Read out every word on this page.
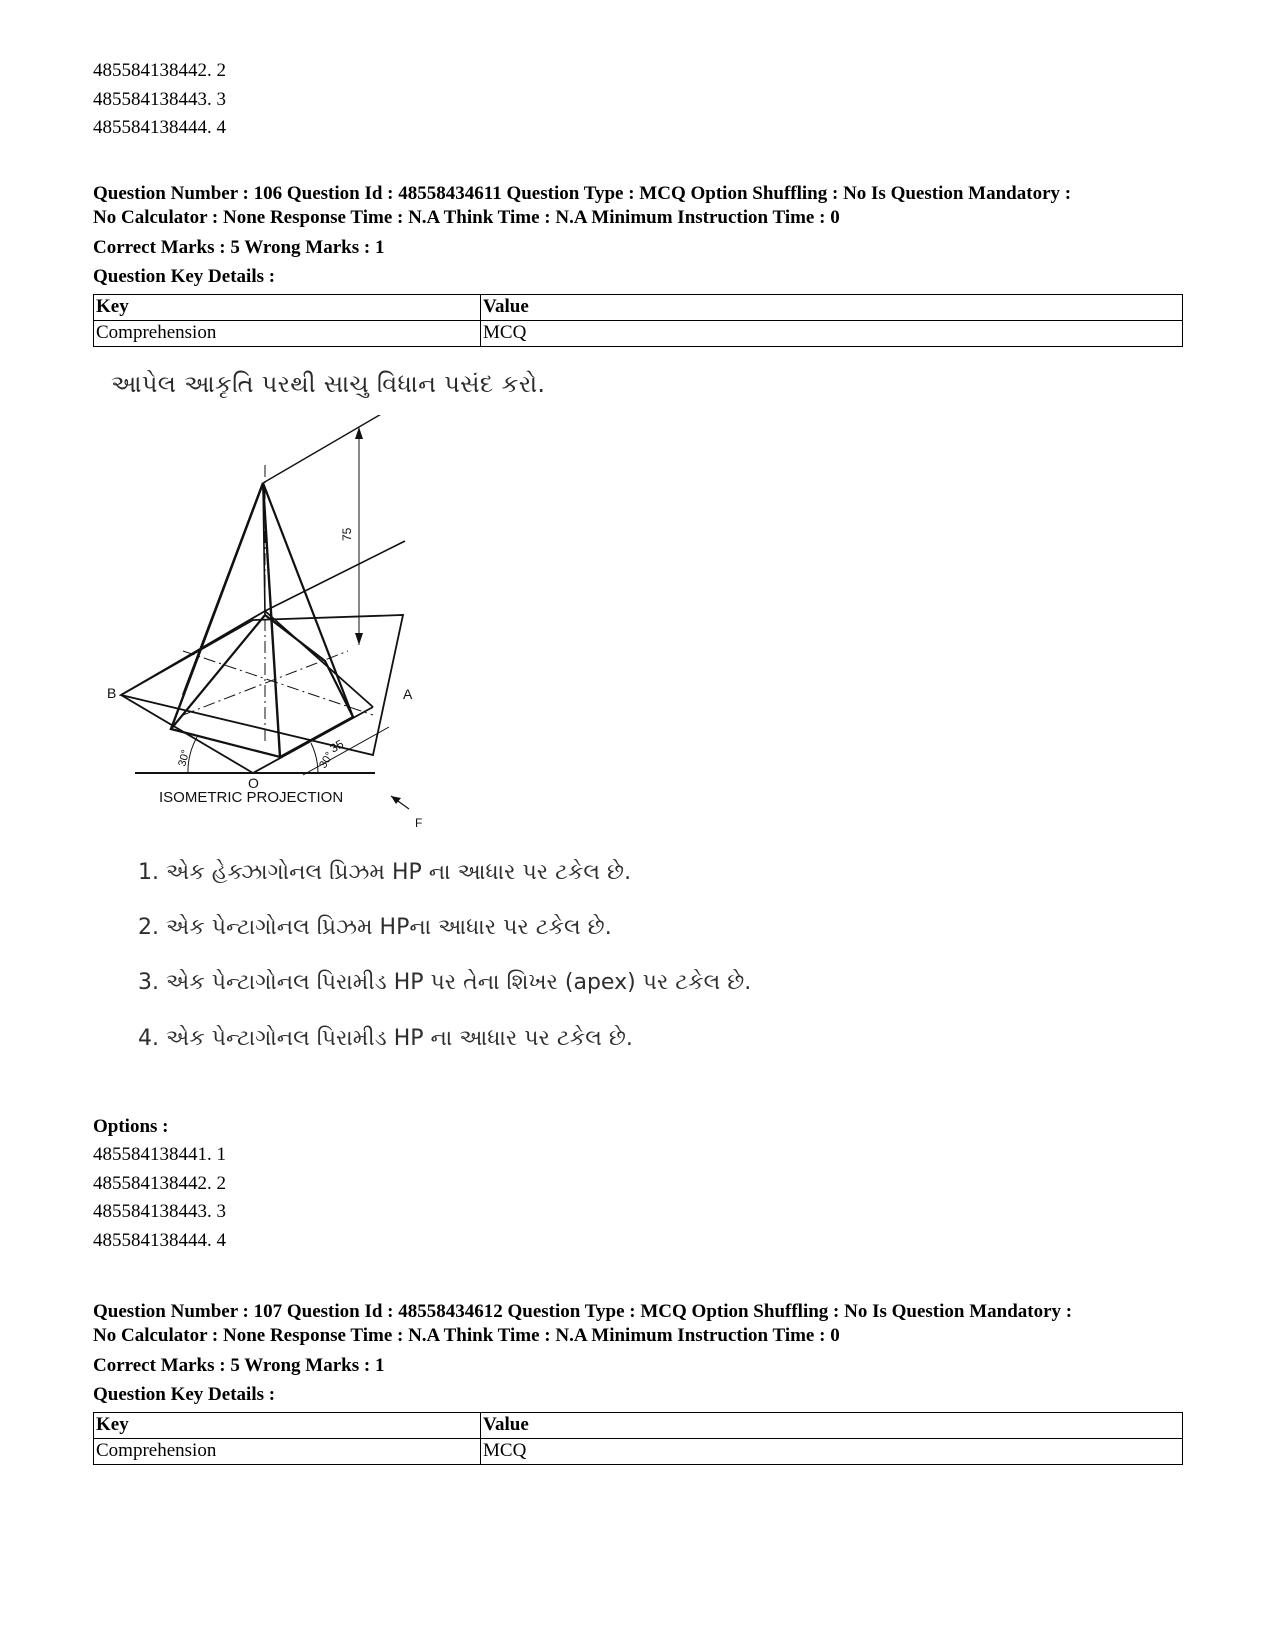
485584138442. 2
485584138443. 3
485584138444. 4
Question Number : 106 Question Id : 48558434611 Question Type : MCQ Option Shuffling : No Is Question Mandatory :
No Calculator : None Response Time : N.A Think Time : N.A Minimum Instruction Time : 0
Correct Marks : 5 Wrong Marks : 1
Question Key Details :
Key	Value
Comprehension	MCQ
આપેલ આકૃતિ પરથી સાચુ વિધાન પસંદ કરો.
75
35
30°	30°
B	A
O
F
ISOMETRIC PROJECTION
1. એક હેક્ઝાગોનલ પ્રિઝમ HP ના આધાર પર ટકેલ છે.
2. એક પેન્ટાગોનલ પ્રિઝમ HPના આધાર પર ટકેલ છે.
3. એક પેન્ટાગોનલ પિરામીડ HP પર તેના શિખર (apex) પર ટકેલ છે.
4. એક પેન્ટાગોનલ પિરામીડ HP ના આધાર પર ટકેલ છે.
Options :
485584138441. 1
485584138442. 2
485584138443. 3
485584138444. 4
Question Number : 107 Question Id : 48558434612 Question Type : MCQ Option Shuffling : No Is Question Mandatory :
No Calculator : None Response Time : N.A Think Time : N.A Minimum Instruction Time : 0
Correct Marks : 5 Wrong Marks : 1
Question Key Details :
Key	Value
Comprehension	MCQ
